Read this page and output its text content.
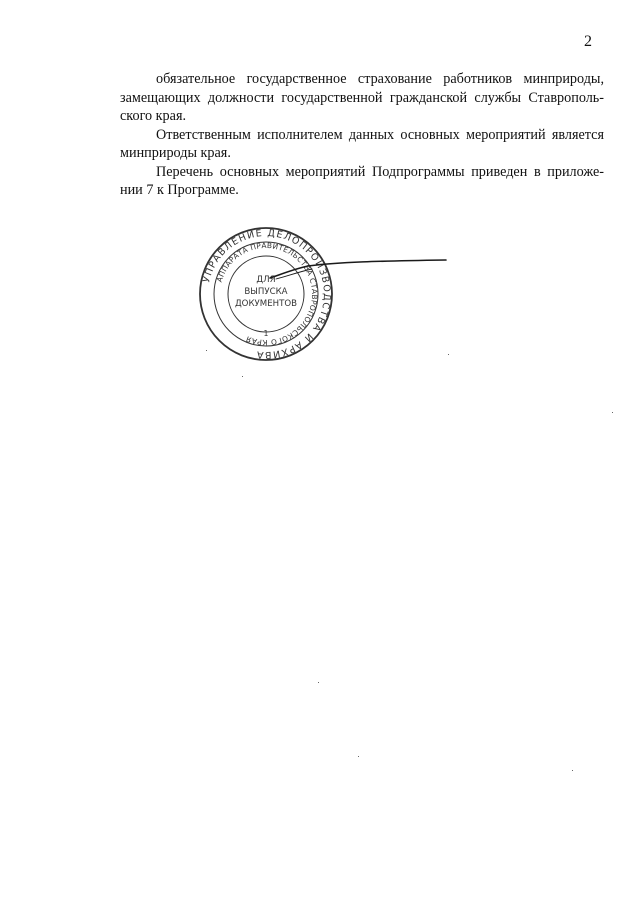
2

обязательное государственное страхование работников минприроды,
замещающих должности государственной гражданской службы Ставрополь-
ского края.

Ответственным исполнителем данных основных мероприятий является
минприроды края.

Перечень основных мероприятий Подпрограммы приведен в приложе-
нии 7 к Программе.

УПРАВЛЕНИЕ ДЕЛОПРОИЗВОДСТВА И АРХИВА
АППАРАТА ПРАВИТЕЛЬСТВА СТАВРОПОЛЬСКОГО КРАЯ
ДЛЯ
ВЫПУСКА
ДОКУМЕНТОВ
1
